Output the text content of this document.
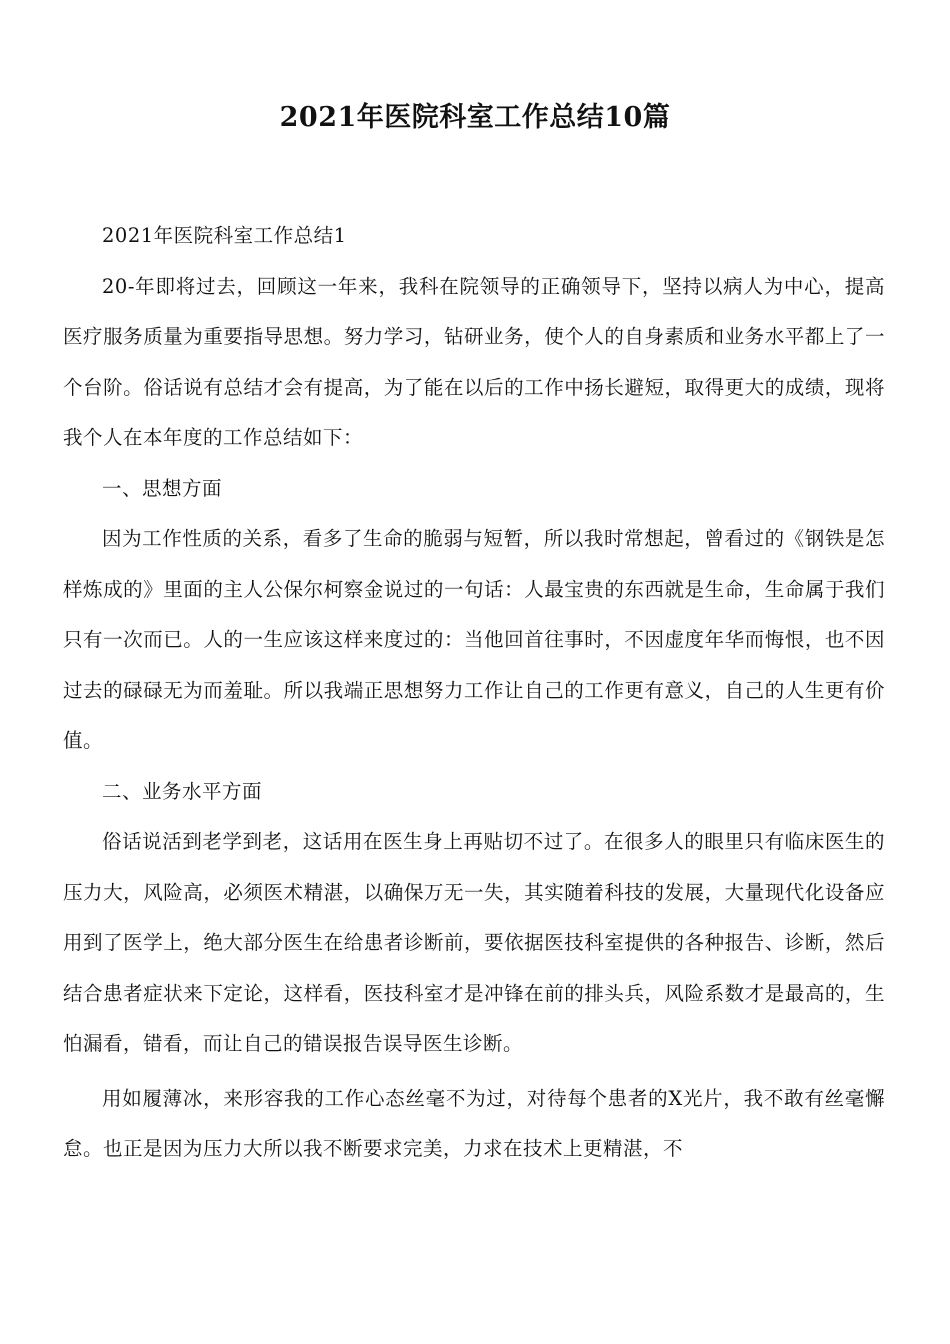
2021年医院科室工作总结10篇

2021年医院科室工作总结1

20-年即将过去，回顾这一年来，我科在院领导的正确领导下，坚持以病人为中心，提高医疗服务质量为重要指导思想。努力学习，钻研业务，使个人的自身素质和业务水平都上了一个台阶。俗话说有总结才会有提高，为了能在以后的工作中扬长避短，取得更大的成绩，现将我个人在本年度的工作总结如下：

一、思想方面

因为工作性质的关系，看多了生命的脆弱与短暂，所以我时常想起，曾看过的《钢铁是怎样炼成的》里面的主人公保尔柯察金说过的一句话：人最宝贵的东西就是生命，生命属于我们只有一次而已。人的一生应该这样来度过的：当他回首往事时，不因虚度年华而悔恨，也不因过去的碌碌无为而羞耻。所以我端正思想努力工作让自己的工作更有意义，自己的人生更有价值。

二、业务水平方面

俗话说活到老学到老，这话用在医生身上再贴切不过了。在很多人的眼里只有临床医生的压力大，风险高，必须医术精湛，以确保万无一失，其实随着科技的发展，大量现代化设备应用到了医学上，绝大部分医生在给患者诊断前，要依据医技科室提供的各种报告、诊断，然后结合患者症状来下定论，这样看，医技科室才是冲锋在前的排头兵，风险系数才是最高的，生怕漏看，错看，而让自己的错误报告误导医生诊断。

用如履薄冰，来形容我的工作心态丝毫不为过，对待每个患者的X光片，我不敢有丝毫懈怠。也正是因为压力大所以我不断要求完美，力求在技术上更精湛，不
